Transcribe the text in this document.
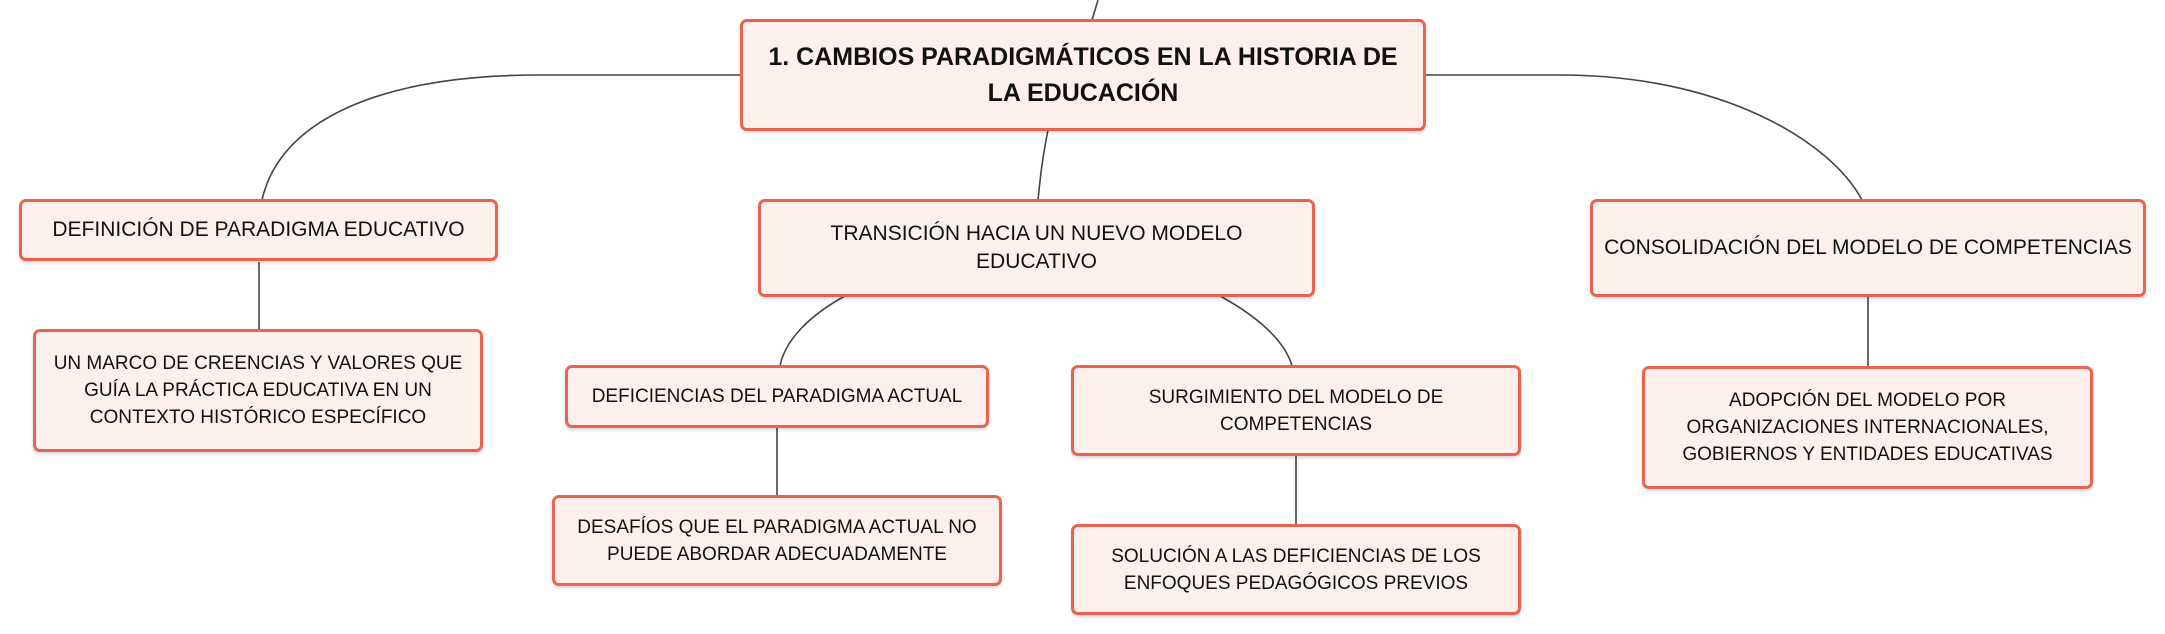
1. CAMBIOS PARADIGMÁTICOS EN LA HISTORIA DE LA EDUCACIÓN
DEFINICIÓN DE PARADIGMA EDUCATIVO	TRANSICIÓN HACIA UN NUEVO MODELO EDUCATIVO
CONSOLIDACIÓN DEL MODELO DE COMPETENCIAS
UN MARCO DE CREENCIAS Y VALORES QUE GUÍA LA PRÁCTICA EDUCATIVA EN UN CONTEXTO HISTÓRICO ESPECÍFICO
DEFICIENCIAS DEL PARADIGMA ACTUAL	SURGIMIENTO DEL MODELO DE COMPETENCIAS
DESAFÍOS QUE EL PARADIGMA ACTUAL NO PUEDE ABORDAR ADECUADAMENTE	SOLUCIÓN A LAS DEFICIENCIAS DE LOS ENFOQUES PEDAGÓGICOS PREVIOS
ADOPCIÓN DEL MODELO POR ORGANIZACIONES INTERNACIONALES, GOBIERNOS Y ENTIDADES EDUCATIVAS
